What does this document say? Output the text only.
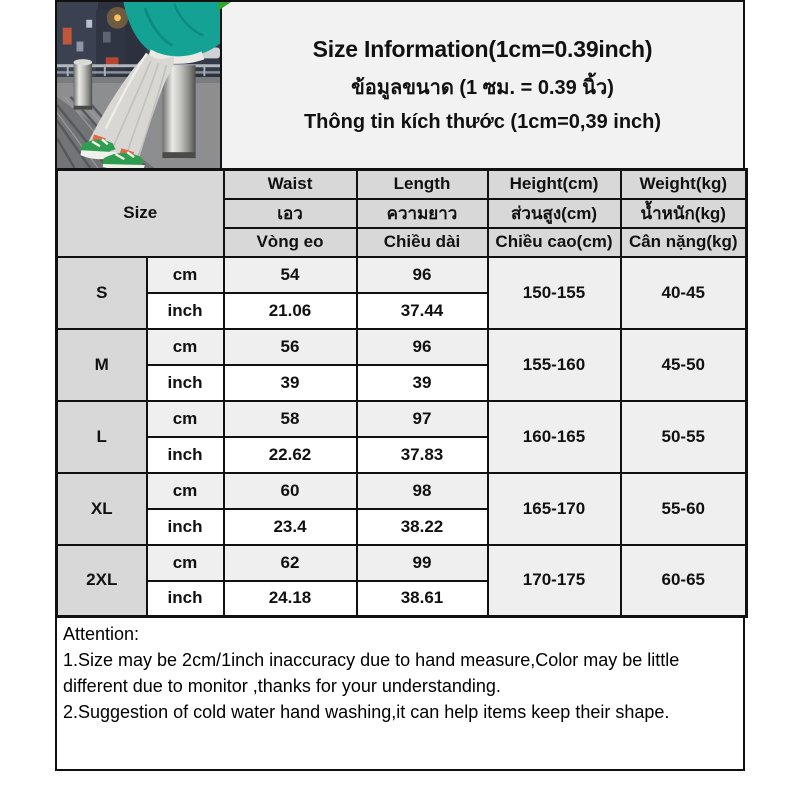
Size Information(1cm=0.39inch)
ข้อมูลขนาด (1 ซม. = 0.39 นิ้ว)
Thông tin kích thước (1cm=0,39 inch)
Size		Waist	Length	Height(cm)	Weight(kg)
		เอว	ความยาว	ส่วนสูง(cm)	น้ำหนัก(kg)
		Vòng eo	Chiều dài	Chiều cao(cm)	Cân nặng(kg)
S	cm	54	96	150-155	40-45
	inch	21.06	37.44		
M	cm	56	96	155-160	45-50
	inch	39	39		
L	cm	58	97	160-165	50-55
	inch	22.62	37.83		
XL	cm	60	98	165-170	55-60
	inch	23.4	38.22		
2XL	cm	62	99	170-175	60-65
	inch	24.18	38.61		

Attention:

1.Size may be 2cm/1inch inaccuracy due to hand measure,Color may be little different due to monitor ,thanks for your understanding.

2.Suggestion of cold water hand washing,it can help items keep their shape.
